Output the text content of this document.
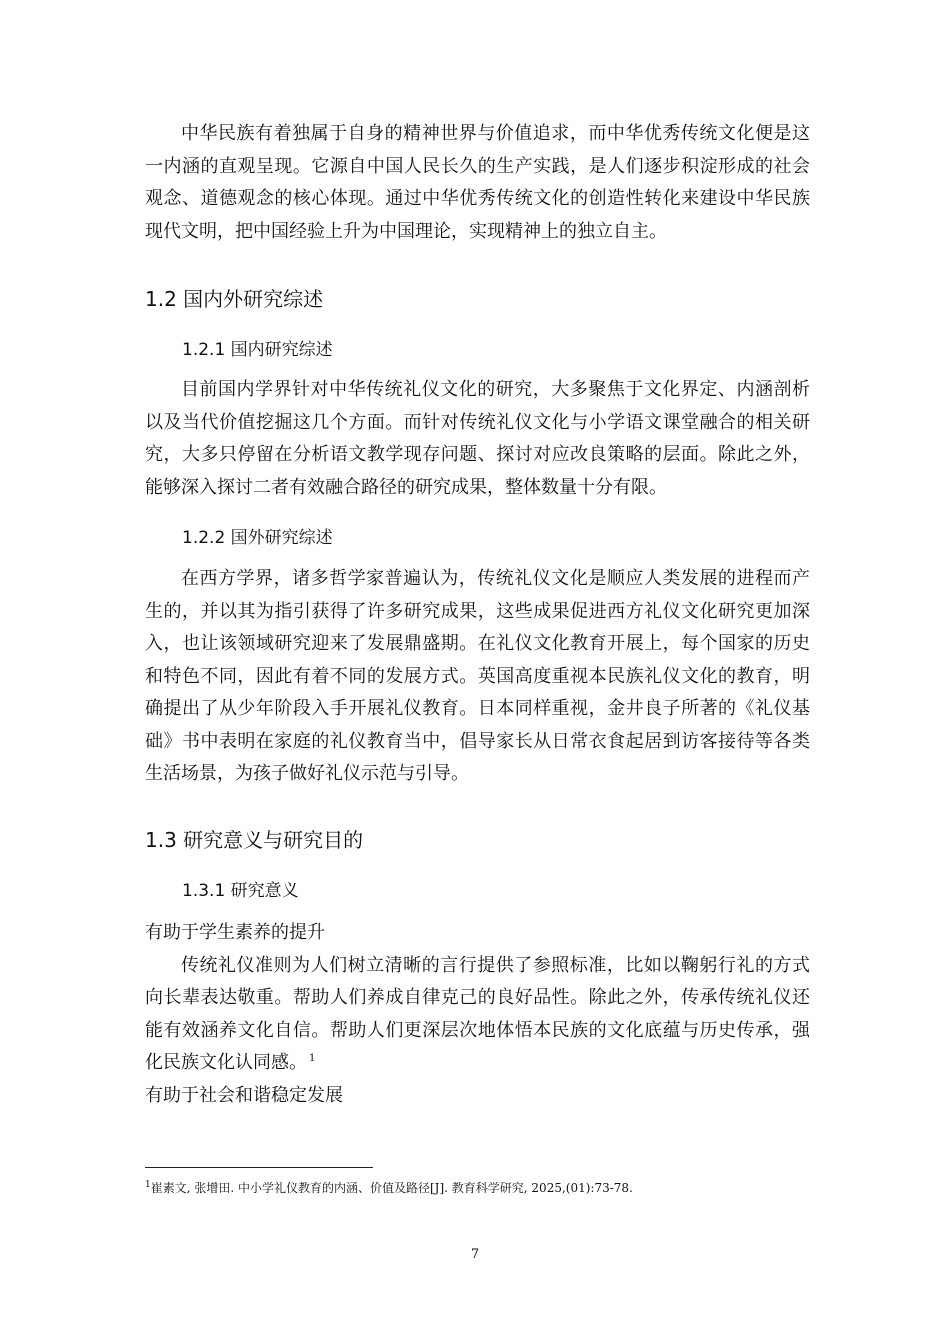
中华民族有着独属于自身的精神世界与价值追求，而中华优秀传统文化便是这一内涵的直观呈现。它源自中国人民长久的生产实践，是人们逐步积淀形成的社会观念、道德观念的核心体现。通过中华优秀传统文化的创造性转化来建设中华民族现代文明，把中国经验上升为中国理论，实现精神上的独立自主。

1.2 国内外研究综述
1.2.1 国内研究综述

目前国内学界针对中华传统礼仪文化的研究，大多聚焦于文化界定、内涵剖析以及当代价值挖掘这几个方面。而针对传统礼仪文化与小学语文课堂融合的相关研究，大多只停留在分析语文教学现存问题、探讨对应改良策略的层面。除此之外，能够深入探讨二者有效融合路径的研究成果，整体数量十分有限。

1.2.2 国外研究综述

在西方学界，诸多哲学家普遍认为，传统礼仪文化是顺应人类发展的进程而产生的，并以其为指引获得了许多研究成果，这些成果促进西方礼仪文化研究更加深入，也让该领域研究迎来了发展鼎盛期。在礼仪文化教育开展上，每个国家的历史和特色不同，因此有着不同的发展方式。英国高度重视本民族礼仪文化的教育，明确提出了从少年阶段入手开展礼仪教育。日本同样重视，金井良子所著的《礼仪基础》书中表明在家庭的礼仪教育当中，倡导家长从日常衣食起居到访客接待等各类生活场景，为孩子做好礼仪示范与引导。

1.3 研究意义与研究目的
1.3.1 研究意义

有助于学生素养的提升

传统礼仪准则为人们树立清晰的言行提供了参照标准，比如以鞠躬行礼的方式向长辈表达敬重。帮助人们养成自律克己的良好品性。除此之外，传承传统礼仪还能有效涵养文化自信。帮助人们更深层次地体悟本民族的文化底蕴与历史传承，强化民族文化认同感。 $^1$

有助于社会和谐稳定发展

$^1$崔素文, 张增田. 中小学礼仪教育的内涵、价值及路径[J]. 教育科学研究, 2025,(01):73-78.
7
